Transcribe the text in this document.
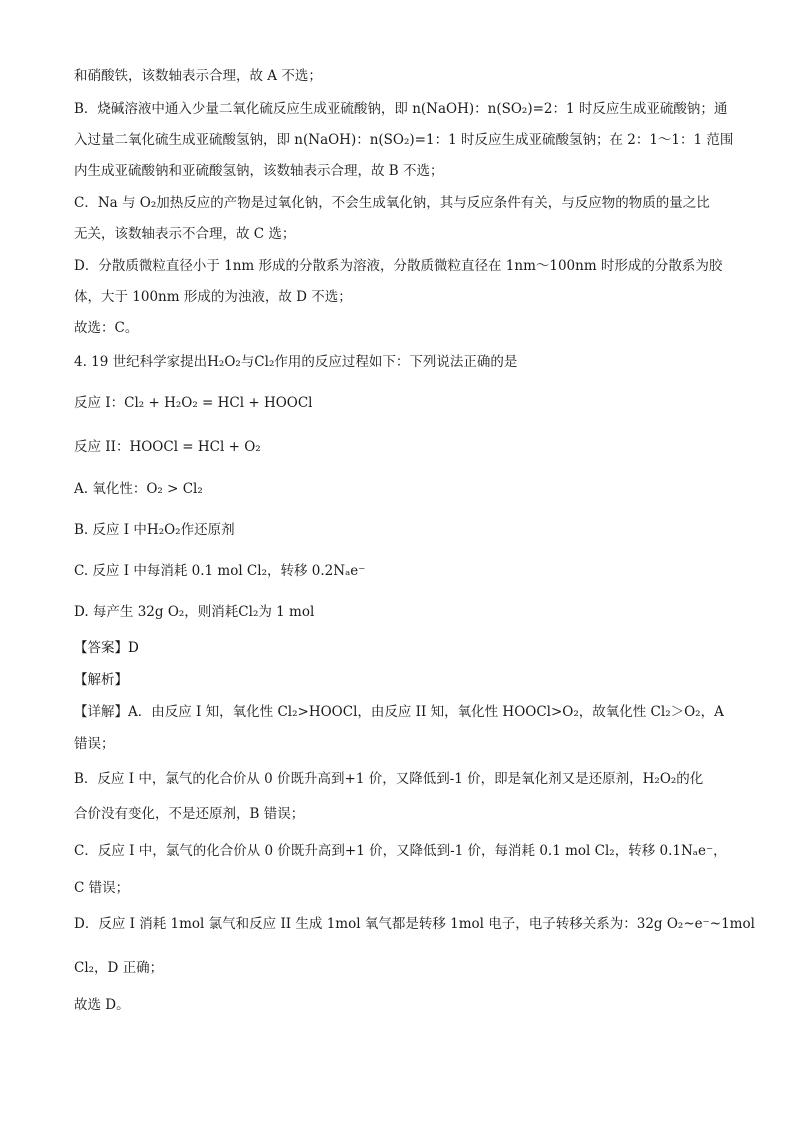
和硝酸铁，该数轴表示合理，故 A 不选；
B．烧碱溶液中通入少量二氧化硫反应生成亚硫酸钠，即 n(NaOH)：n(SO₂)=2：1 时反应生成亚硫酸钠；通
入过量二氧化硫生成亚硫酸氢钠，即 n(NaOH)：n(SO₂)=1：1 时反应生成亚硫酸氢钠；在 2：1～1：1 范围
内生成亚硫酸钠和亚硫酸氢钠，该数轴表示合理，故 B 不选；
C．Na 与 O₂加热反应的产物是过氧化钠，不会生成氧化钠，其与反应条件有关，与反应物的物质的量之比
无关，该数轴表示不合理，故 C 选；
D．分散质微粒直径小于 1nm 形成的分散系为溶液，分散质微粒直径在 1nm～100nm 时形成的分散系为胶
体，大于 100nm 形成的为浊液，故 D 不选；
故选：C。
4. 19 世纪科学家提出H₂O₂与Cl₂作用的反应过程如下：下列说法正确的是
反应 I：Cl₂ + H₂O₂ = HCl + HOOCl
反应 II：HOOCl = HCl + O₂
A. 氧化性：O₂ > Cl₂
B. 反应 I 中H₂O₂作还原剂
C. 反应 I 中每消耗 0.1 mol Cl₂，转移 0.2Nₐe⁻
D. 每产生 32g O₂，则消耗Cl₂为 1 mol
【答案】D
【解析】
【详解】A．由反应 I 知，氧化性 Cl₂>HOOCl，由反应 II 知，氧化性 HOOCl>O₂，故氧化性 Cl₂＞O₂，A
错误；
B．反应 I 中，氯气的化合价从 0 价既升高到+1 价，又降低到-1 价，即是氧化剂又是还原剂，H₂O₂的化
合价没有变化，不是还原剂，B 错误；
C．反应 I 中，氯气的化合价从 0 价既升高到+1 价，又降低到-1 价，每消耗 0.1 mol Cl₂，转移 0.1Nₐe⁻，
C 错误；
D．反应 I 消耗 1mol 氯气和反应 II 生成 1mol 氧气都是转移 1mol 电子，电子转移关系为：32g O₂~e⁻~1mol
Cl₂，D 正确；
故选 D。
